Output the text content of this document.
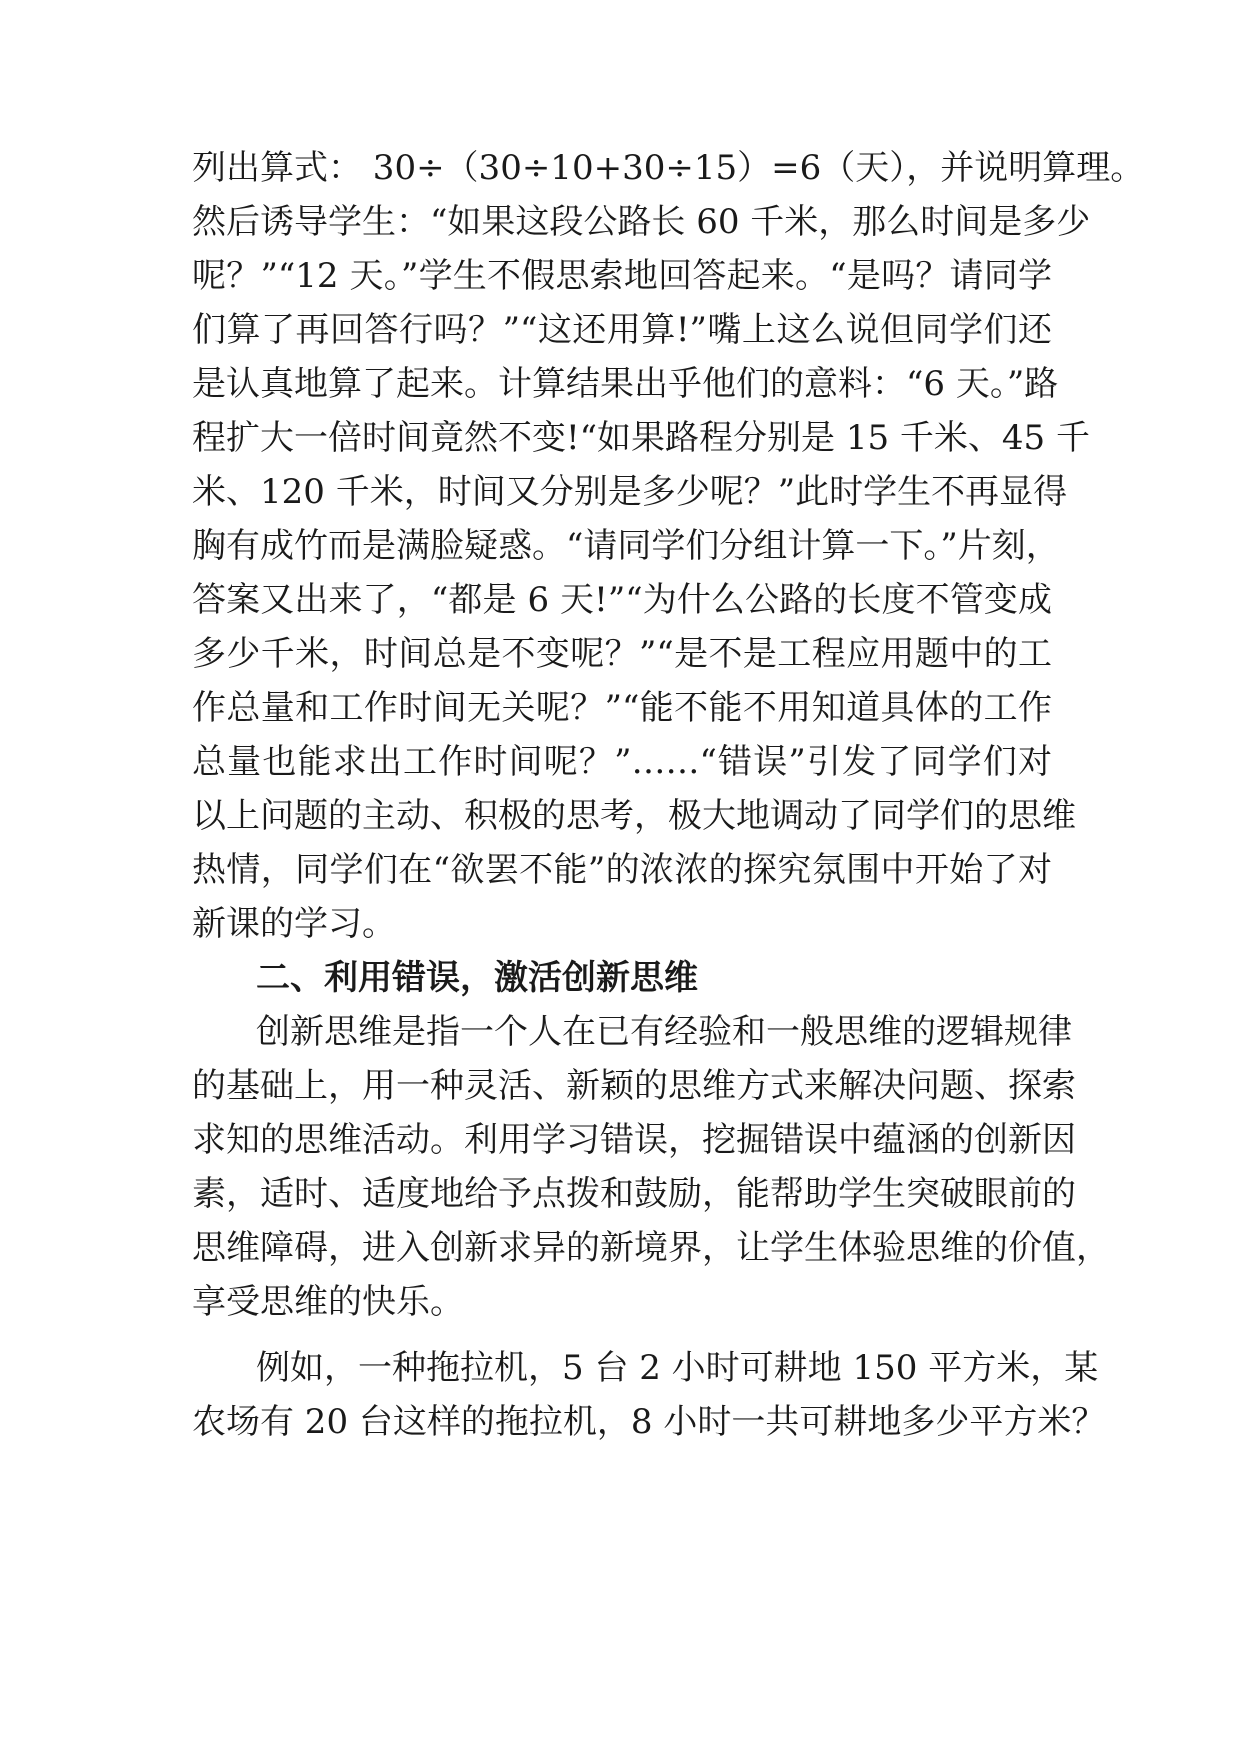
列出算式： 30÷（30÷10+30÷15）=6（天），并说明算理。
然后诱导学生：“如果这段公路长 60 千米，那么时间是多少
呢？”“12 天。”学生不假思索地回答起来。“是吗？请同学
们算了再回答行吗？”“这还用算!”嘴上这么说但同学们还
是认真地算了起来。计算结果出乎他们的意料：“6 天。”路
程扩大一倍时间竟然不变!“如果路程分别是 15 千米、45 千
米、120 千米，时间又分别是多少呢？”此时学生不再显得
胸有成竹而是满脸疑惑。“请同学们分组计算一下。”片刻，
答案又出来了，“都是 6 天!”“为什么公路的长度不管变成
多少千米，时间总是不变呢？”“是不是工程应用题中的工
作总量和工作时间无关呢？”“能不能不用知道具体的工作
总量也能求出工作时间呢？”……“错误”引发了同学们对
以上问题的主动、积极的思考，极大地调动了同学们的思维
热情，同学们在“欲罢不能”的浓浓的探究氛围中开始了对
新课的学习。
二、利用错误，激活创新思维
创新思维是指一个人在已有经验和一般思维的逻辑规律
的基础上，用一种灵活、新颖的思维方式来解决问题、探索
求知的思维活动。利用学习错误，挖掘错误中蕴涵的创新因
素，适时、适度地给予点拨和鼓励，能帮助学生突破眼前的
思维障碍，进入创新求异的新境界，让学生体验思维的价值，
享受思维的快乐。
例如，一种拖拉机，5 台 2 小时可耕地 150 平方米，某
农场有 20 台这样的拖拉机，8 小时一共可耕地多少平方米？
